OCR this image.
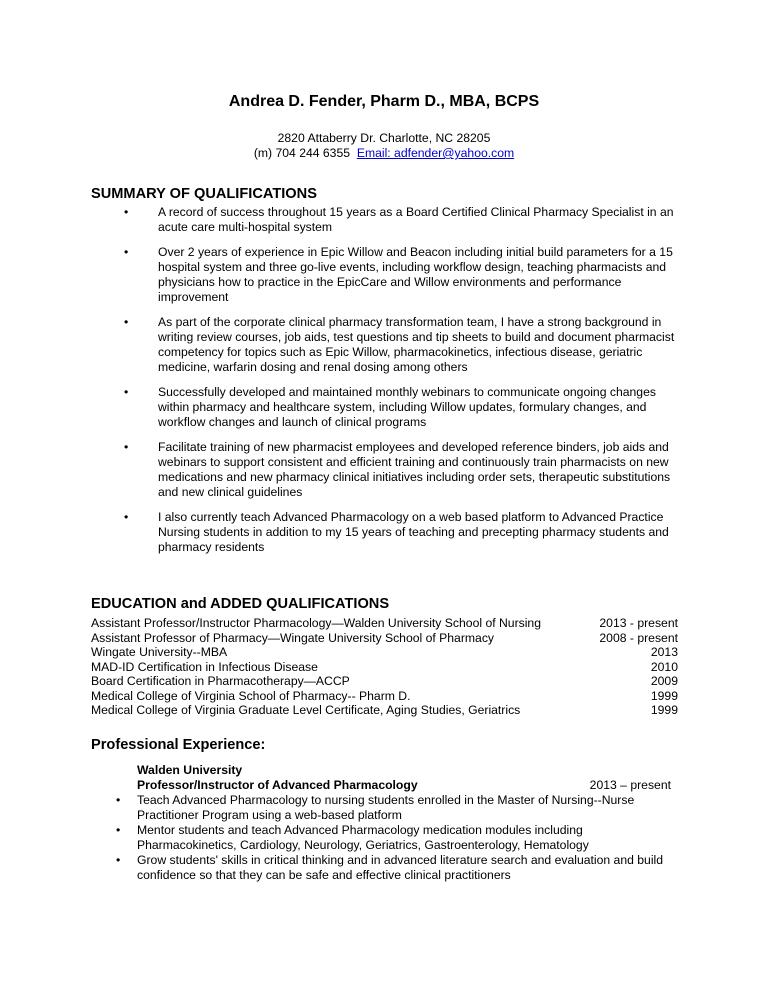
Andrea D. Fender, Pharm D., MBA, BCPS
2820 Attaberry Dr. Charlotte, NC 28205
(m) 704 244 6355 Email: adfender@yahoo.com
SUMMARY OF QUALIFICATIONS
• A record of success throughout 15 years as a Board Certified Clinical Pharmacy Specialist in an acute care multi-hospital system
• Over 2 years of experience in Epic Willow and Beacon including initial build parameters for a 15 hospital system and three go-live events, including workflow design, teaching pharmacists and physicians how to practice in the EpicCare and Willow environments and performance improvement
• As part of the corporate clinical pharmacy transformation team, I have a strong background in writing review courses, job aids, test questions and tip sheets to build and document pharmacist competency for topics such as Epic Willow, pharmacokinetics, infectious disease, geriatric medicine, warfarin dosing and renal dosing among others
• Successfully developed and maintained monthly webinars to communicate ongoing changes within pharmacy and healthcare system, including Willow updates, formulary changes, and workflow changes and launch of clinical programs
• Facilitate training of new pharmacist employees and developed reference binders, job aids and webinars to support consistent and efficient training and continuously train pharmacists on new medications and new pharmacy clinical initiatives including order sets, therapeutic substitutions and new clinical guidelines
• I also currently teach Advanced Pharmacology on a web based platform to Advanced Practice Nursing students in addition to my 15 years of teaching and precepting pharmacy students and pharmacy residents
EDUCATION and ADDED QUALIFICATIONS
Assistant Professor/Instructor Pharmacology—Walden University School of Nursing	2013 - present
Assistant Professor of Pharmacy—Wingate University School of Pharmacy	2008 - present
Wingate University--MBA	2013
MAD-ID Certification in Infectious Disease	2010
Board Certification in Pharmacotherapy—ACCP	2009
Medical College of Virginia School of Pharmacy-- Pharm D.	1999
Medical College of Virginia Graduate Level Certificate, Aging Studies, Geriatrics	1999
Professional Experience:
Walden University
Professor/Instructor of Advanced Pharmacology	2013 – present
• Teach Advanced Pharmacology to nursing students enrolled in the Master of Nursing--Nurse Practitioner Program using a web-based platform
• Mentor students and teach Advanced Pharmacology medication modules including Pharmacokinetics, Cardiology, Neurology, Geriatrics, Gastroenterology, Hematology
• Grow students' skills in critical thinking and in advanced literature search and evaluation and build confidence so that they can be safe and effective clinical practitioners
